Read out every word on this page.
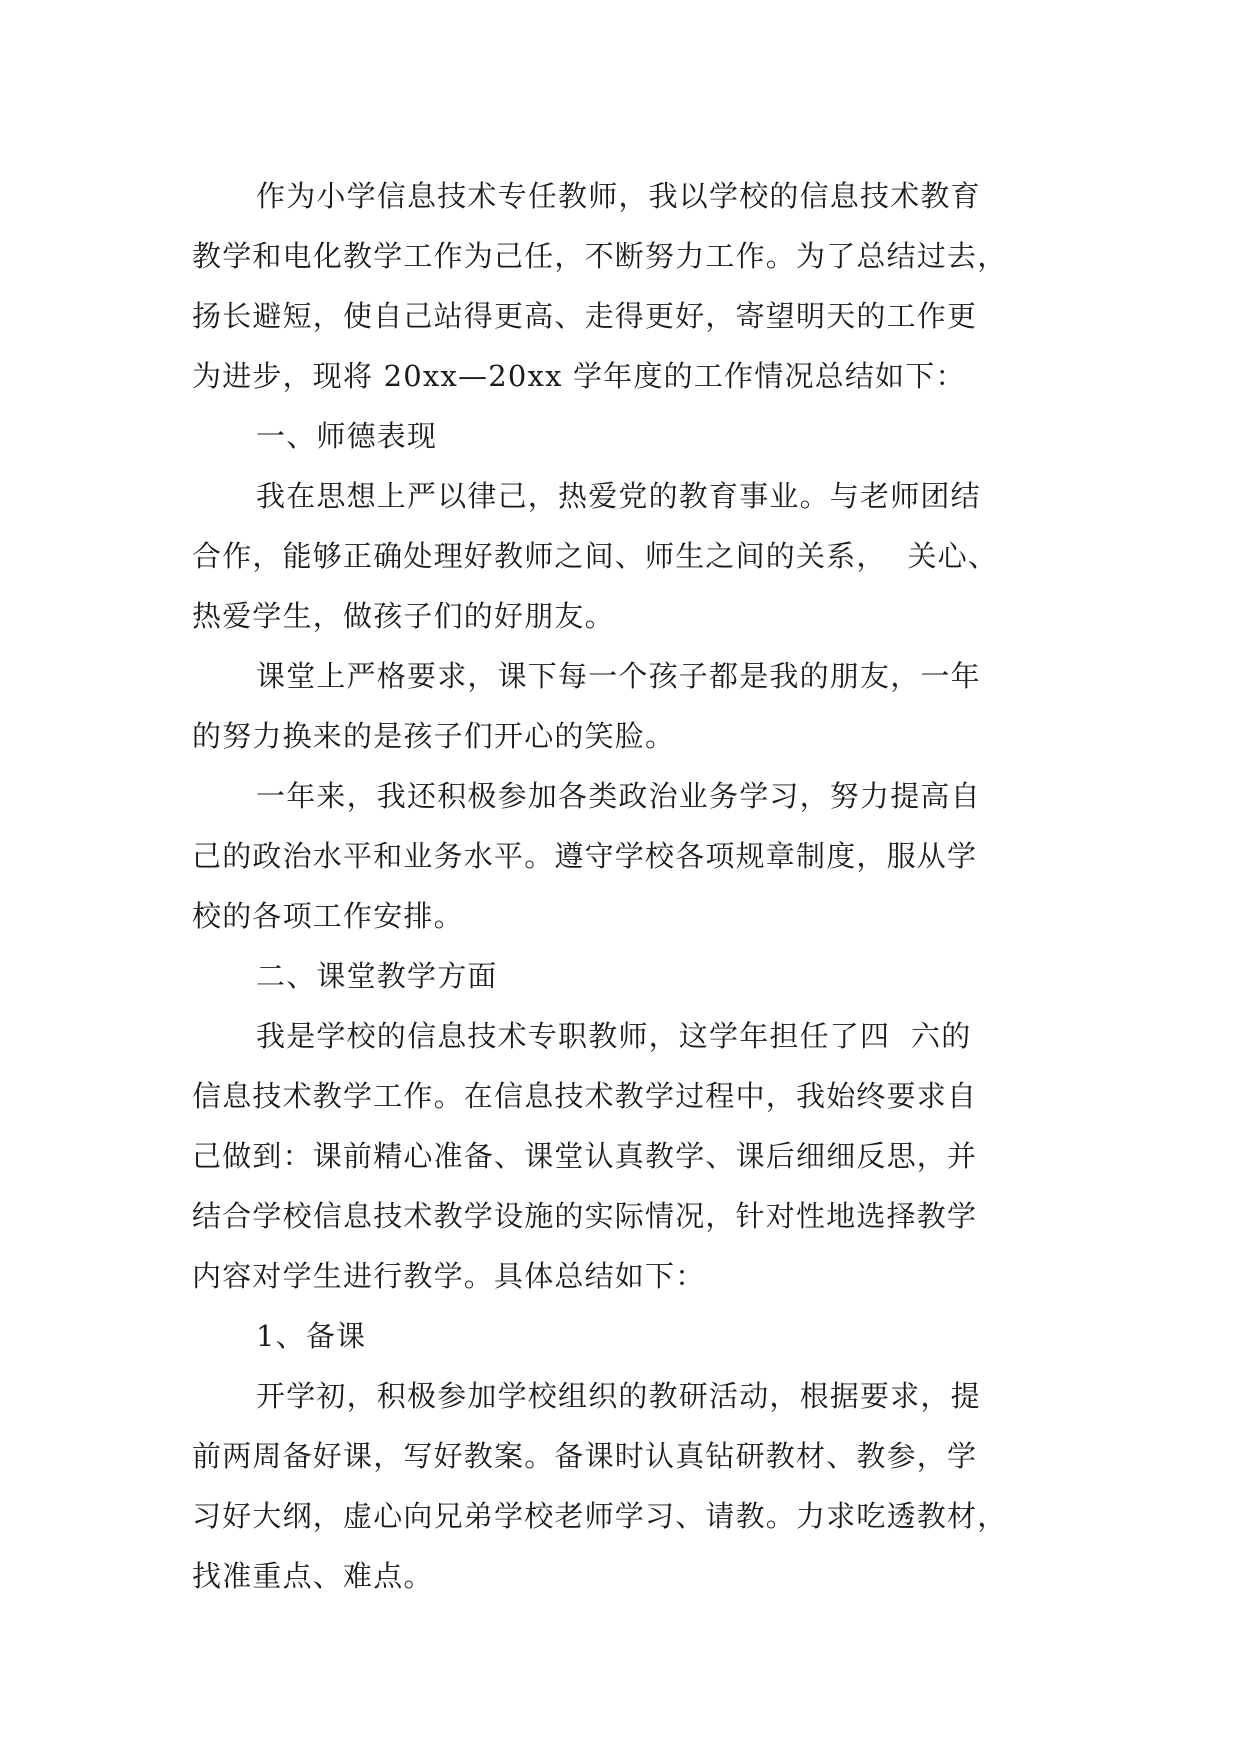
作为小学信息技术专任教师，我以学校的信息技术教育
教学和电化教学工作为己任，不断努力工作。为了总结过去，
扬长避短，使自己站得更高、走得更好，寄望明天的工作更
为进步，现将 20xx—20xx 学年度的工作情况总结如下：
一、师德表现
我在思想上严以律己，热爱党的教育事业。与老师团结
合作，能够正确处理好教师之间、师生之间的关系，  关心、
热爱学生，做孩子们的好朋友。
课堂上严格要求，课下每一个孩子都是我的朋友，一年
的努力换来的是孩子们开心的笑脸。
一年来，我还积极参加各类政治业务学习，努力提高自
己的政治水平和业务水平。遵守学校各项规章制度，服从学
校的各项工作安排。
二、课堂教学方面
我是学校的信息技术专职教师，这学年担任了四  六的
信息技术教学工作。在信息技术教学过程中，我始终要求自
己做到：课前精心准备、课堂认真教学、课后细细反思，并
结合学校信息技术教学设施的实际情况，针对性地选择教学
内容对学生进行教学。具体总结如下：
1、备课
开学初，积极参加学校组织的教研活动，根据要求，提
前两周备好课，写好教案。备课时认真钻研教材、教参，学
习好大纲，虚心向兄弟学校老师学习、请教。力求吃透教材，
找准重点、难点。
